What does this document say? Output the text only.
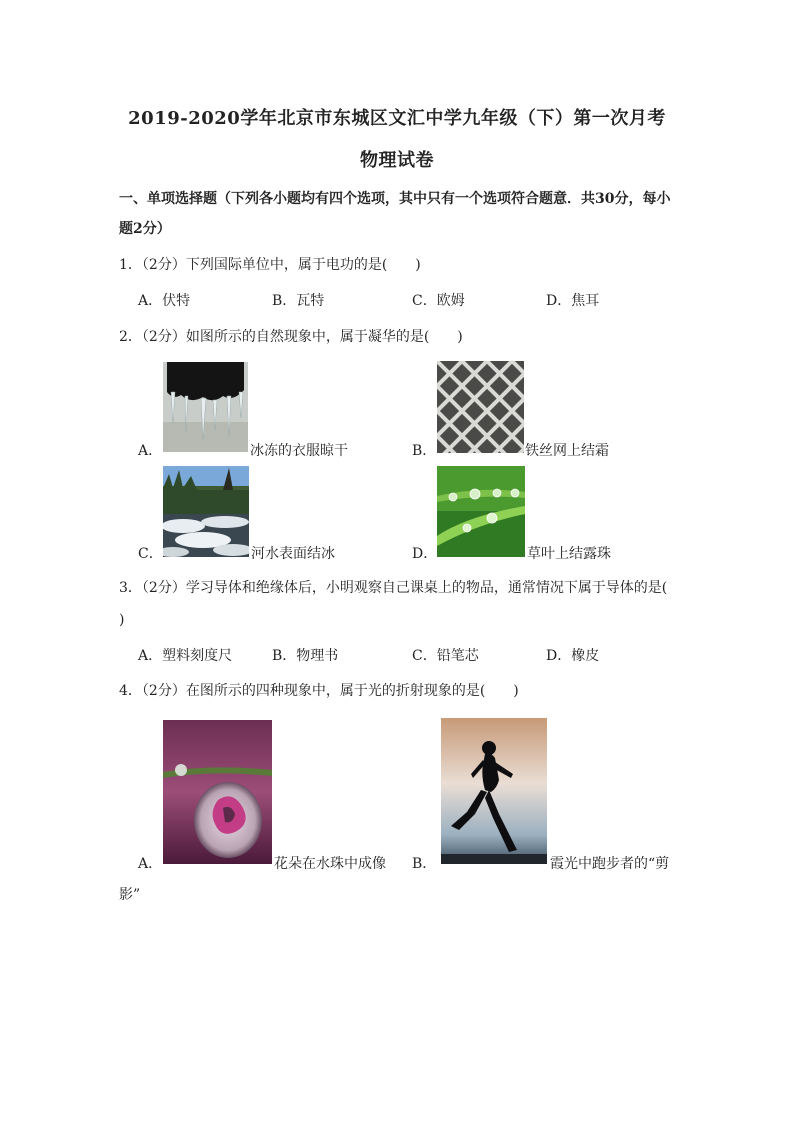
2019-2020学年北京市东城区文汇中学九年级（下）第一次月考
物理试卷
一、单项选择题（下列各小题均有四个选项，其中只有一个选项符合题意．共30分，每小
题2分）
1．（2分）下列国际单位中，属于电功的是(　　)
A．伏特	B．瓦特	C．欧姆	D．焦耳
2．（2分）如图所示的自然现象中，属于凝华的是(　　)
A．	冰冻的衣服晾干	B．	铁丝网上结霜
C．	河水表面结冰	D．	草叶上结露珠
3．（2分）学习导体和绝缘体后，小明观察自己课桌上的物品，通常情况下属于导体的是(
)
A．塑料刻度尺	B．物理书	C．铅笔芯	D．橡皮
4．（2分）在图所示的四种现象中，属于光的折射现象的是(　　)
A．	花朵在水珠中成像 B．	霞光中跑步者的“剪
影”
